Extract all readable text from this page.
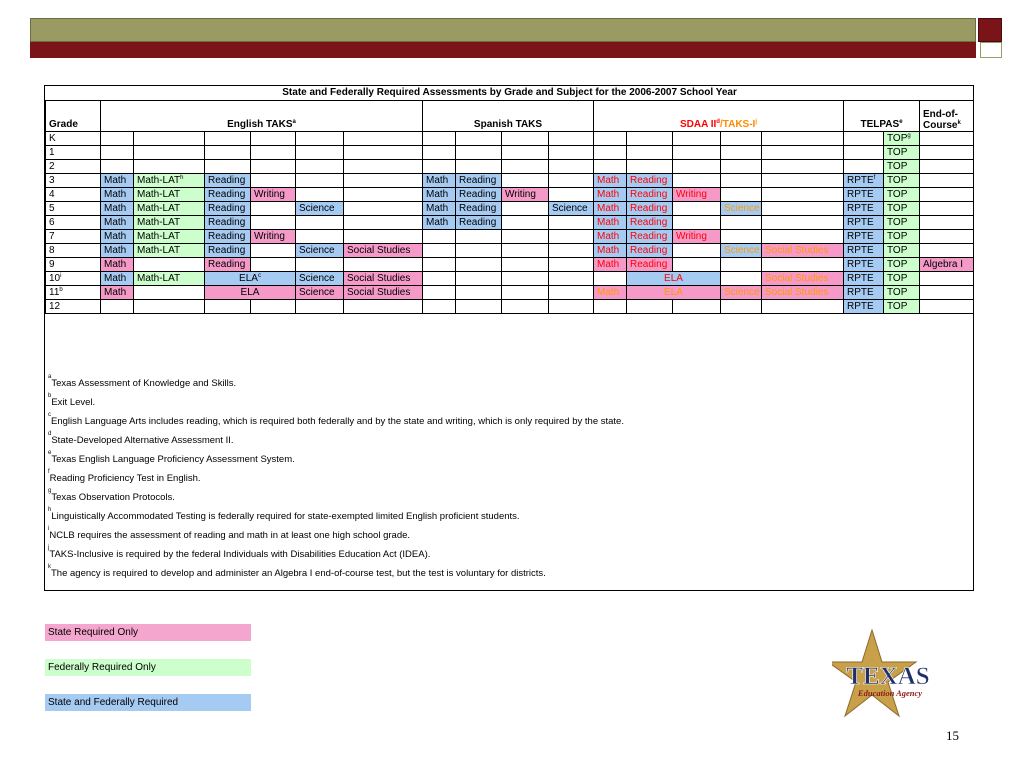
State and Federally Required Assessments by Grade and Subject for the 2006-2007 School Year																		
Grade	English TAKS$^a$						Spanish TAKS				SDAA $II^d/TAKS-I^j$					TELPAS$^e$		End-of-
Course$^k$
K																	TOP$^g$	
1																	TOP	
2																	TOP	
3	Math	Math-LAT$^h$	Reading				Math	Reading			Math	Reading				RPTE$^f$	TOP	
4	Math	Math-LAT	Reading	Writing			Math	Reading	Writing		Math	Reading	Writing			RPTE	TOP	
5	Math	Math-LAT	Reading		Science		Math	Reading		Science	Math	Reading		Science		RPTE	TOP	
6	Math	Math-LAT	Reading				Math	Reading			Math	Reading				RPTE	TOP	
7	Math	Math-LAT	Reading	Writing							Math	Reading	Writing			RPTE	TOP	
8	Math	Math-LAT	Reading		Science	Social Studies					Math	Reading		Science	Social Studies	RPTE	TOP	
9	Math		Reading								Math	Reading				RPTE	TOP	Algebra I
10$^i$	Math	Math-LAT	ELA$^c$		Science	Social Studies						ELA			Social Studies	RPTE	TOP	
11$^b$	Math		ELA		Science	Social Studies					Math	ELA		Science	Social Studies	RPTE	TOP	
12																RPTE	TOP	
$^a$Texas Assessment of Knowledge and Skills.
$^b$Exit Level.
$^c$English Language Arts includes reading, which is required both federally and by the state and writing, which is only required by the state.
$^d$State-Developed Alternative Assessment II.
$^e$Texas English Language Proficiency Assessment System.
$^f$Reading Proficiency Test in English.
$^g$Texas Observation Protocols.
$^h$Linguistically Accommodated Testing is federally required for state-exempted limited English proficient students.
$^i$NCLB requires the assessment of reading and math in at least one high school grade.
$^j$TAKS-Inclusive is required by the federal Individuals with Disabilities Education Act (IDEA).
$^k$The agency is required to develop and administer an Algebra I end-of-course test, but the test is voluntary for districts.
State Required Only
Federally Required Only
State and Federally Required
TEXAS
Education Agency
15
